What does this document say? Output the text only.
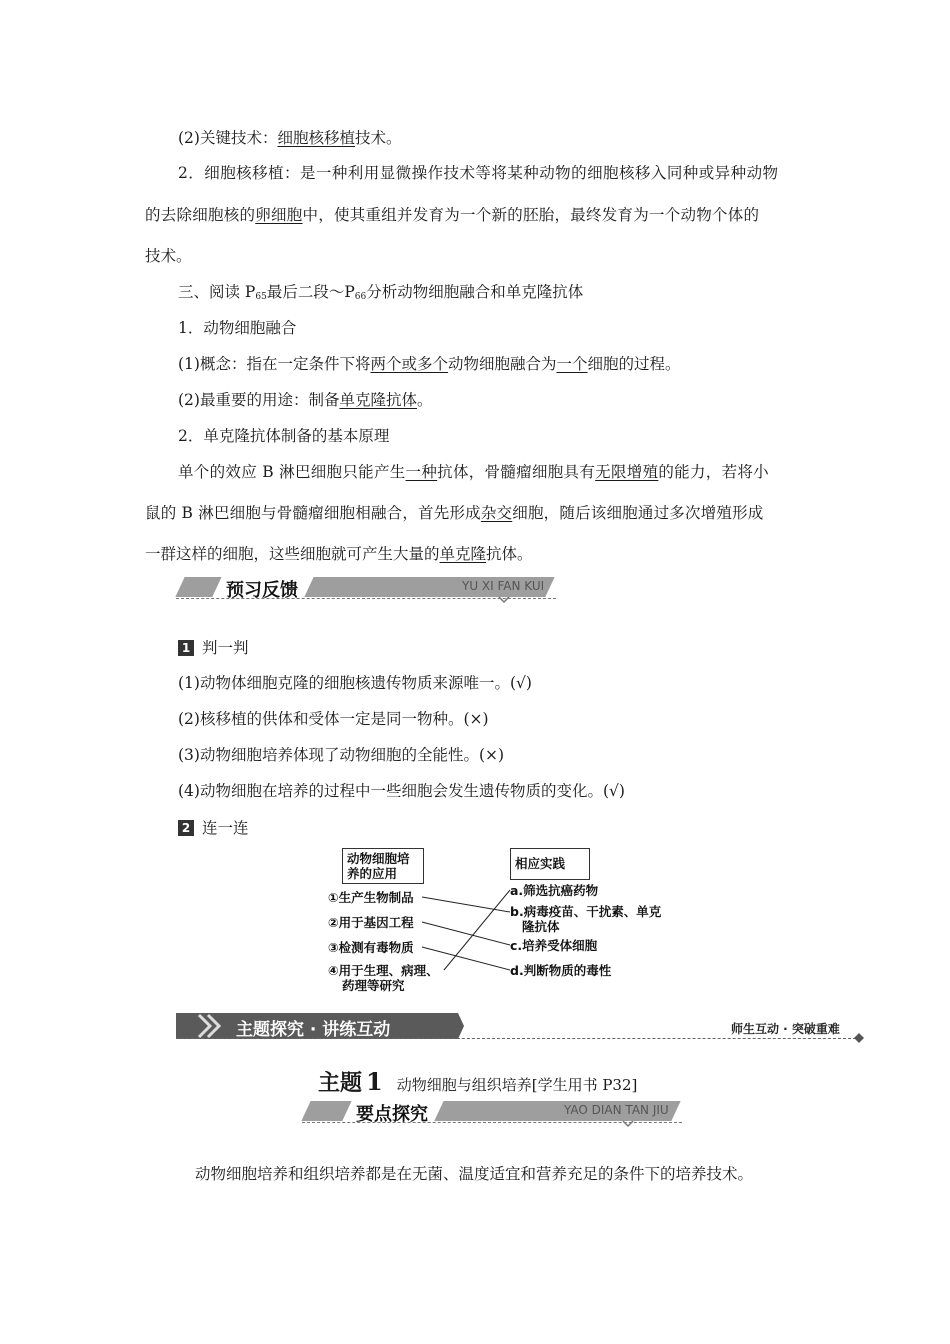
(2)关键技术：细胞核移植技术。
2．细胞核移植：是一种利用显微操作技术等将某种动物的细胞核移入同种或异种动物
的去除细胞核的卵细胞中，使其重组并发育为一个新的胚胎，最终发育为一个动物个体的
技术。
三、阅读 $P_{65}$最后二段$\sim P_{66}$分析动物细胞融合和单克隆抗体
1．动物细胞融合
(1)概念：指在一定条件下将两个或多个动物细胞融合为一个细胞的过程。
(2)最重要的用途：制备单克隆抗体。
2．单克隆抗体制备的基本原理
单个的效应 B 淋巴细胞只能产生一种抗体，骨髓瘤细胞具有无限增殖的能力，若将小
鼠的 B 淋巴细胞与骨髓瘤细胞相融合，首先形成杂交细胞，随后该细胞通过多次增殖形成
一群这样的细胞，这些细胞就可产生大量的单克隆抗体。
预习反馈	YU XI FAN KUI
1 判一判
(1)动物体细胞克隆的细胞核遗传物质来源唯一。(√)
(2)核移植的供体和受体一定是同一物种。(×)
(3)动物细胞培养体现了动物细胞的全能性。(×)
(4)动物细胞在培养的过程中一些细胞会发生遗传物质的变化。(√)
2 连一连
动物细胞培
养的应用
相应实践
①生产生物制品
②用于基因工程
③检测有毒物质
④用于生理、病理、
药理等研究
a.筛选抗癌药物
b.病毒疫苗、干扰素、单克
隆抗体
c.培养受体细胞
d.判断物质的毒性
主题探究 · 讲练互动	师生互动 · 突破重难
主题 1 动物细胞与组织培养[学生用书 P32]
要点探究	YAO DIAN TAN JIU
动物细胞培养和组织培养都是在无菌、温度适宜和营养充足的条件下的培养技术。
